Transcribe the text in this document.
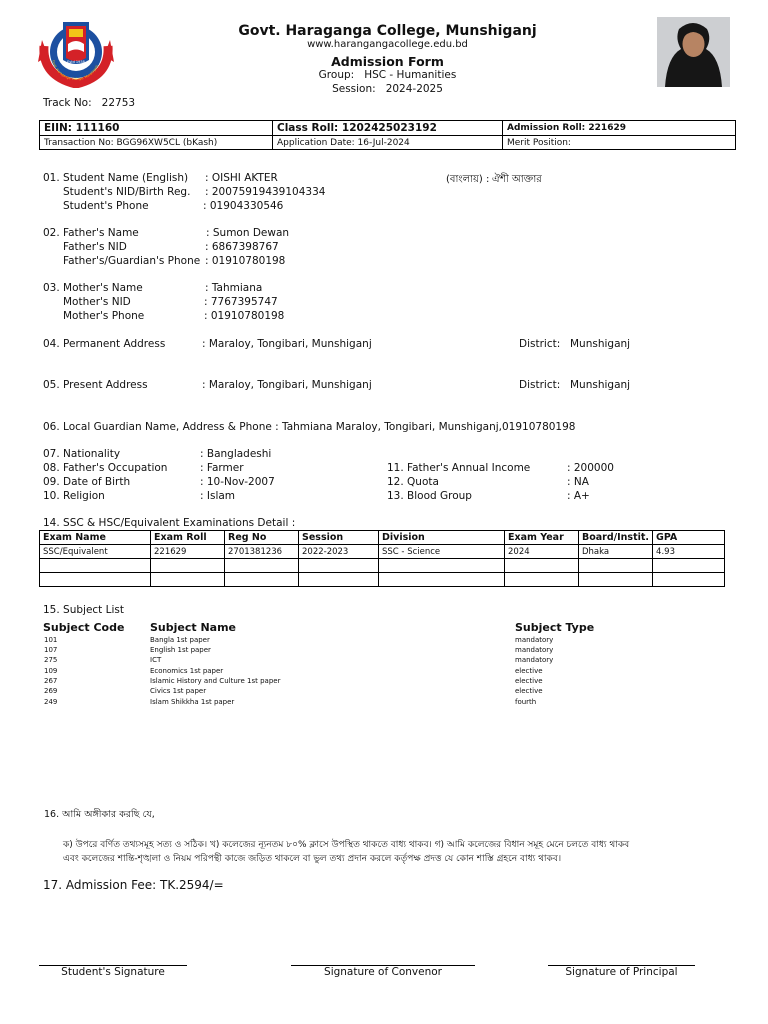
Estd 1938
Govt. Haraganga College, Munshiganj
Govt. Haraganga College, Munshiganj
www.harangangacollege.edu.bd
Admission Form
Group: HSC - Humanities
Session: 2024-2025
Track No: 22753
EIIN: 111160	Class Roll: 1202425023192	Admission Roll: 221629
Transaction No: BGG96XW5CL (bKash)	Application Date: 16-Jul-2024	Merit Position:
01. Student Name (English) : OISHI AKTER	(বাংলায়) : ঐশী আক্তার
Student's NID/Birth Reg. : 20075919439104334
Student's Phone	: 01904330546
02. Father's Name	: Sumon Dewan
Father's NID	: 6867398767
Father's/Guardian's Phone : 01910780198
03. Mother's Name	: Tahmiana
Mother's NID	: 7767395747
Mother's Phone	: 01910780198
04. Permanent Address	: Maraloy, Tongibari, Munshiganj	District: Munshiganj
05. Present Address	: Maraloy, Tongibari, Munshiganj	District: Munshiganj
06. Local Guardian Name, Address & Phone : Tahmiana Maraloy, Tongibari, Munshiganj,01910780198
07. Nationality	: Bangladeshi
08. Father's Occupation	: Farmer
09. Date of Birth	: 10-Nov-2007
10. Religion	: Islam
11. Father's Annual Income	: 200000
12. Quota	: NA
13. Blood Group	: A+
14. SSC & HSC/Equivalent Examinations Detail :
Exam Name	Exam Roll	Reg No	Session	Division	Exam Year	Board/Instit.	GPA
SSC/Equivalent	221629	2701381236	2022-2023	SSC - Science	2024	Dhaka	4.93

15. Subject List
Subject Code Subject Name	Subject Type
101	Bangla 1st paper	mandatory
107	English 1st paper	mandatory
275	ICT	mandatory
109	Economics 1st paper	elective
267	Islamic History and Culture 1st paper	elective
269	Civics 1st paper	elective
249	Islam Shikkha 1st paper	fourth
16. আমি অঙ্গীকার করছি যে,
ক) উপরে বর্ণিত তথ্যসমূহ সত্য ও সঠিক। খ) কলেজের ন্যূনতম ৮০% ক্লাসে উপস্থিত থাকতে বাধ্য থাকব। গ) আমি কলেজের বিধান সমূহ মেনে চলতে বাধ্য থাকব
এবং কলেজের শান্তি-শৃঙ্খলা ও নিয়ম পরিপন্থী কাজে জড়িত থাকলে বা ভুল তথ্য প্রদান করলে কর্তৃপক্ষ প্রদত্ত যে কোন শাস্তি গ্রহনে বাধ্য থাকব।
17. Admission Fee: TK.2594/=
Student's Signature	Signature of Convenor	Signature of Principal
